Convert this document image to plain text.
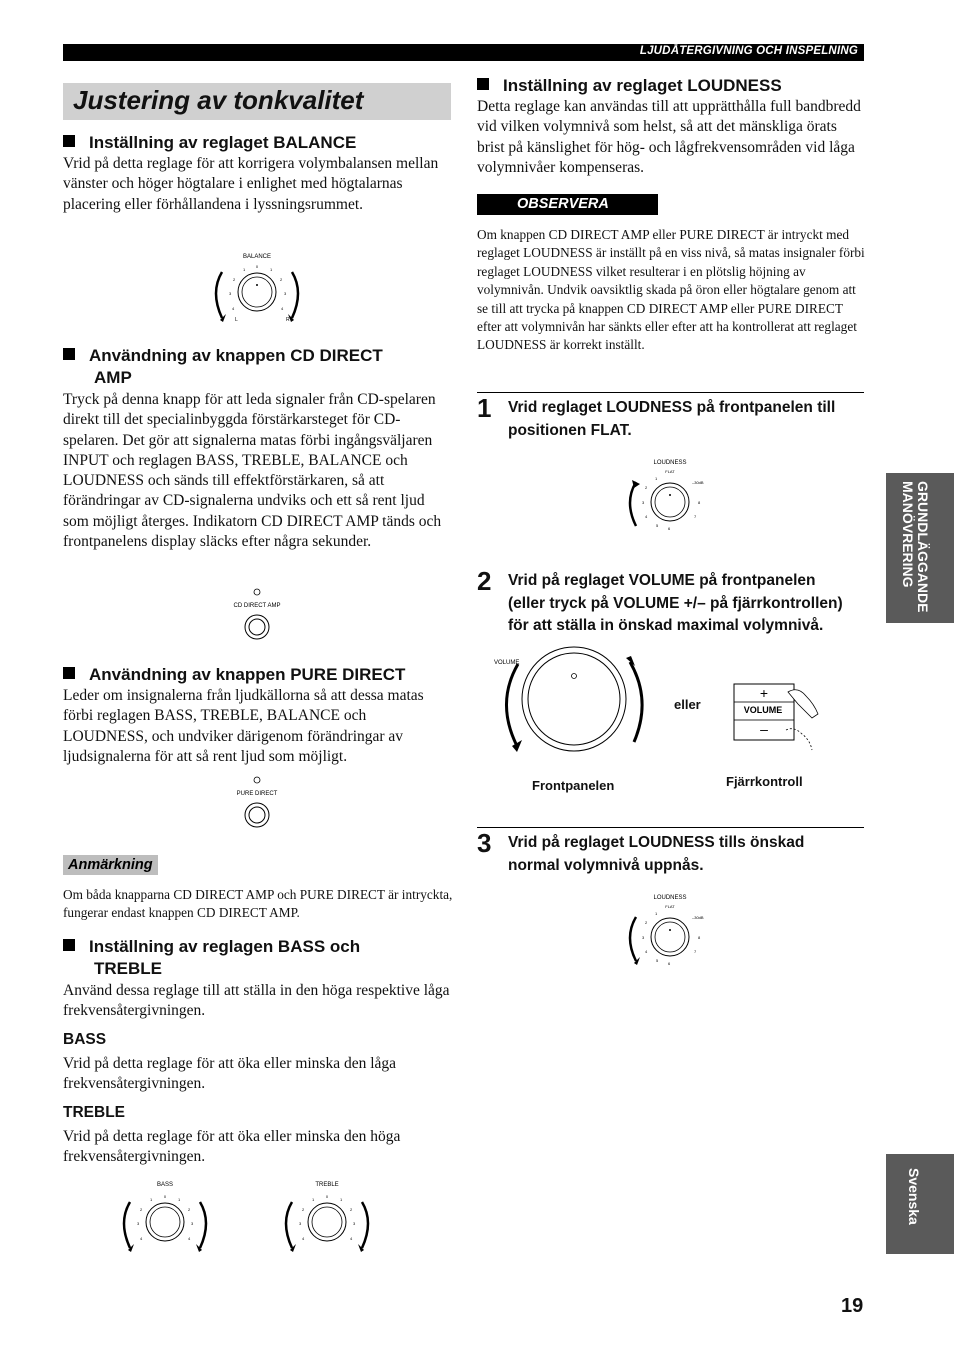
LJUDÅTERGIVNING OCH INSPELNING
Justering av tonkvalitet
Inställning av reglaget BALANCE
Vrid på detta reglage för att korrigera volymbalansen mellan vänster och höger högtalare i enlighet med högtalarnas placering eller förhållandena i lyssningsrummet.
BALANCE
0
1	1
2	2
3	3
4	4
L	R
Användning av knappen CD DIRECT
AMP
Tryck på denna knapp för att leda signaler från CD-spelaren direkt till det specialinbyggda förstärkarsteget för CD-spelaren. Det gör att signalerna matas förbi ingångsväljaren INPUT och reglagen BASS, TREBLE, BALANCE och LOUDNESS och sänds till effektförstärkaren, så att förändringar av CD-signalerna undviks och ett så rent ljud som möjligt återges. Indikatorn CD DIRECT AMP tänds och frontpanelens display släcks efter några sekunder.
CD DIRECT AMP
Användning av knappen PURE DIRECT
Leder om insignalerna från ljudkällorna så att dessa matas förbi reglagen BASS, TREBLE, BALANCE och LOUDNESS, och undviker därigenom förändringar av ljudsignalerna för att så rent ljud som möjligt.
PURE DIRECT
Anmärkning
Om båda knapparna CD DIRECT AMP och PURE DIRECT är intryckta, fungerar endast knappen CD DIRECT AMP.
Inställning av reglagen BASS och
TREBLE
Använd dessa reglage till att ställa in den höga respektive låga frekvensåtergivningen.
BASS
Vrid på detta reglage för att öka eller minska den låga frekvensåtergivningen.
TREBLE
Vrid på detta reglage för att öka eller minska den höga frekvensåtergivningen.
BASS
0
1	1
2	2
3	3
4	4
TREBLE
0
1	1
2	2
3	3
4	4
Inställning av reglaget LOUDNESS
Detta reglage kan användas till att upprätthålla full bandbredd vid vilken volymnivå som helst, så att det mänskliga örats brist på känslighet för hög- och lågfrekvensområden vid låga volymnivåer kompenseras.
OBSERVERA
Om knappen CD DIRECT AMP eller PURE DIRECT är intryckt med reglaget LOUDNESS är inställt på en viss nivå, så matas insignaler förbi reglaget LOUDNESS vilket resulterar i en plötslig höjning av volymnivån. Undvik oavsiktlig skada på öron eller högtalare genom att se till att trycka på knappen CD DIRECT AMP eller PURE DIRECT efter att volymnivån har sänkts eller efter att ha kontrollerat att reglaget LOUDNESS är korrekt inställt.
1 Vrid reglaget LOUDNESS på frontpanelen till
positionen FLAT.
LOUDNESS
FLAT
–30dB
1
2
3	8
4	7
5
6
2 Vrid på reglaget VOLUME på frontpanelen
(eller tryck på VOLUME +/– på fjärrkontrollen)
för att ställa in önskad maximal volymnivå.
VOLUME
eller
+
VOLUME
–
Frontpanelen	Fjärrkontroll
3 Vrid på reglaget LOUDNESS tills önskad
normal volymnivå uppnås.
LOUDNESS
FLAT
–30dB
1
2
3	8
4	7
5
6
GRUNDLÄGGANDE MANÖVRERING
Svenska
19
